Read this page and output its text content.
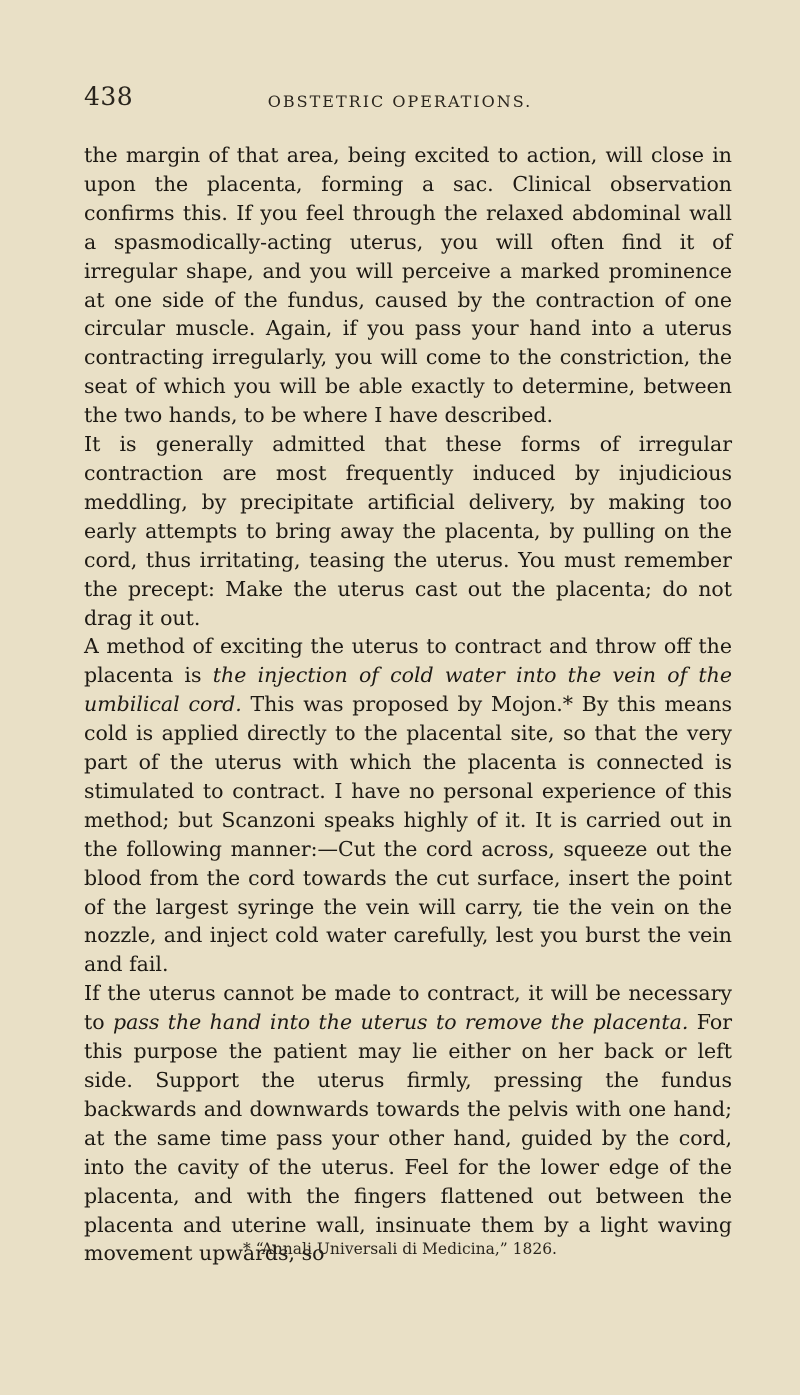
438	OBSTETRIC OPERATIONS.

the margin of that area, being excited to action, will close in upon the placenta, forming a sac. Clinical observation confirms this. If you feel through the relaxed abdominal wall a spasmodically-acting uterus, you will often find it of irregular shape, and you will perceive a marked prominence at one side of the fundus, caused by the contraction of one circular muscle. Again, if you pass your hand into a uterus contracting irregularly, you will come to the constriction, the seat of which you will be able exactly to determine, between the two hands, to be where I have described.

It is generally admitted that these forms of irregular contraction are most frequently induced by injudicious meddling, by precipitate artificial delivery, by making too early attempts to bring away the placenta, by pulling on the cord, thus irritating, teasing the uterus. You must remember the precept: Make the uterus cast out the placenta; do not drag it out.

A method of exciting the uterus to contract and throw off the placenta is the injection of cold water into the vein of the umbilical cord. This was proposed by Mojon.* By this means cold is applied directly to the placental site, so that the very part of the uterus with which the placenta is connected is stimulated to contract. I have no personal experience of this method; but Scanzoni speaks highly of it. It is carried out in the following manner:—Cut the cord across, squeeze out the blood from the cord towards the cut surface, insert the point of the largest syringe the vein will carry, tie the vein on the nozzle, and inject cold water carefully, lest you burst the vein and fail.

If the uterus cannot be made to contract, it will be necessary to pass the hand into the uterus to remove the placenta. For this purpose the patient may lie either on her back or left side. Support the uterus firmly, pressing the fundus backwards and downwards towards the pelvis with one hand; at the same time pass your other hand, guided by the cord, into the cavity of the uterus. Feel for the lower edge of the placenta, and with the fingers flattened out between the placenta and uterine wall, insinuate them by a light waving movement upwards, so

* “Annali Universali di Medicina,” 1826.
